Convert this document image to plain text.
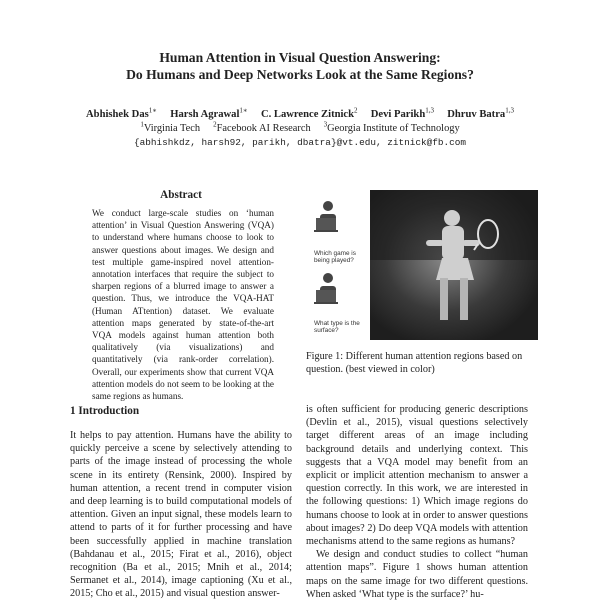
Human Attention in Visual Question Answering:
Do Humans and Deep Networks Look at the Same Regions?
Abhishek Das$^{1∗}$ Harsh Agrawal$^{1∗}$ C. Lawrence Zitnick$^2$ Devi Parikh$^{1,3}$ Dhruv Batra$^{1,3}$
$^1$Virginia Tech $^2$Facebook AI Research $^3$Georgia Institute of Technology
{abhishkdz, harsh92, parikh, dbatra}@vt.edu, zitnick@fb.com
Abstract

We conduct large-scale studies on ‘human attention’ in Visual Question Answering (VQA) to understand where humans choose to look to answer questions about images. We design and test multiple game-inspired novel attention-annotation interfaces that require the subject to sharpen regions of a blurred image to answer a question. Thus, we introduce the VQA-HAT (Human ATtention) dataset. We evaluate attention maps generated by state-of-the-art VQA models against human attention both qualitatively (via visualizations) and quantitatively (via rank-order correlation). Overall, our experiments show that current VQA attention models do not seem to be looking at the same regions as humans.

Which game is being played?
What type is the surface?

Figure 1: Different human attention regions based on question. (best viewed in color)

1 Introduction

It helps to pay attention. Humans have the ability to quickly perceive a scene by selectively attending to parts of the image instead of processing the whole scene in its entirety (Rensink, 2000). Inspired by human attention, a recent trend in computer vision and deep learning is to build computational models of attention. Given an input signal, these models learn to attend to parts of it for further processing and have been successfully applied in machine translation (Bahdanau et al., 2015; Firat et al., 2016), object recognition (Ba et al., 2015; Mnih et al., 2014; Sermanet et al., 2014), image captioning (Xu et al., 2015; Cho et al., 2015) and visual question answer-

is often sufficient for producing generic descriptions (Devlin et al., 2015), visual questions selectively target different areas of an image including background details and underlying context. This suggests that a VQA model may benefit from an explicit or implicit attention mechanism to answer a question correctly. In this work, we are interested in the following questions: 1) Which image regions do humans choose to look at in order to answer questions about images? 2) Do deep VQA models with attention mechanisms attend to the same regions as humans?

We design and conduct studies to collect “human attention maps”. Figure 1 shows human attention maps on the same image for two different questions. When asked ‘What type is the surface?’ hu-
